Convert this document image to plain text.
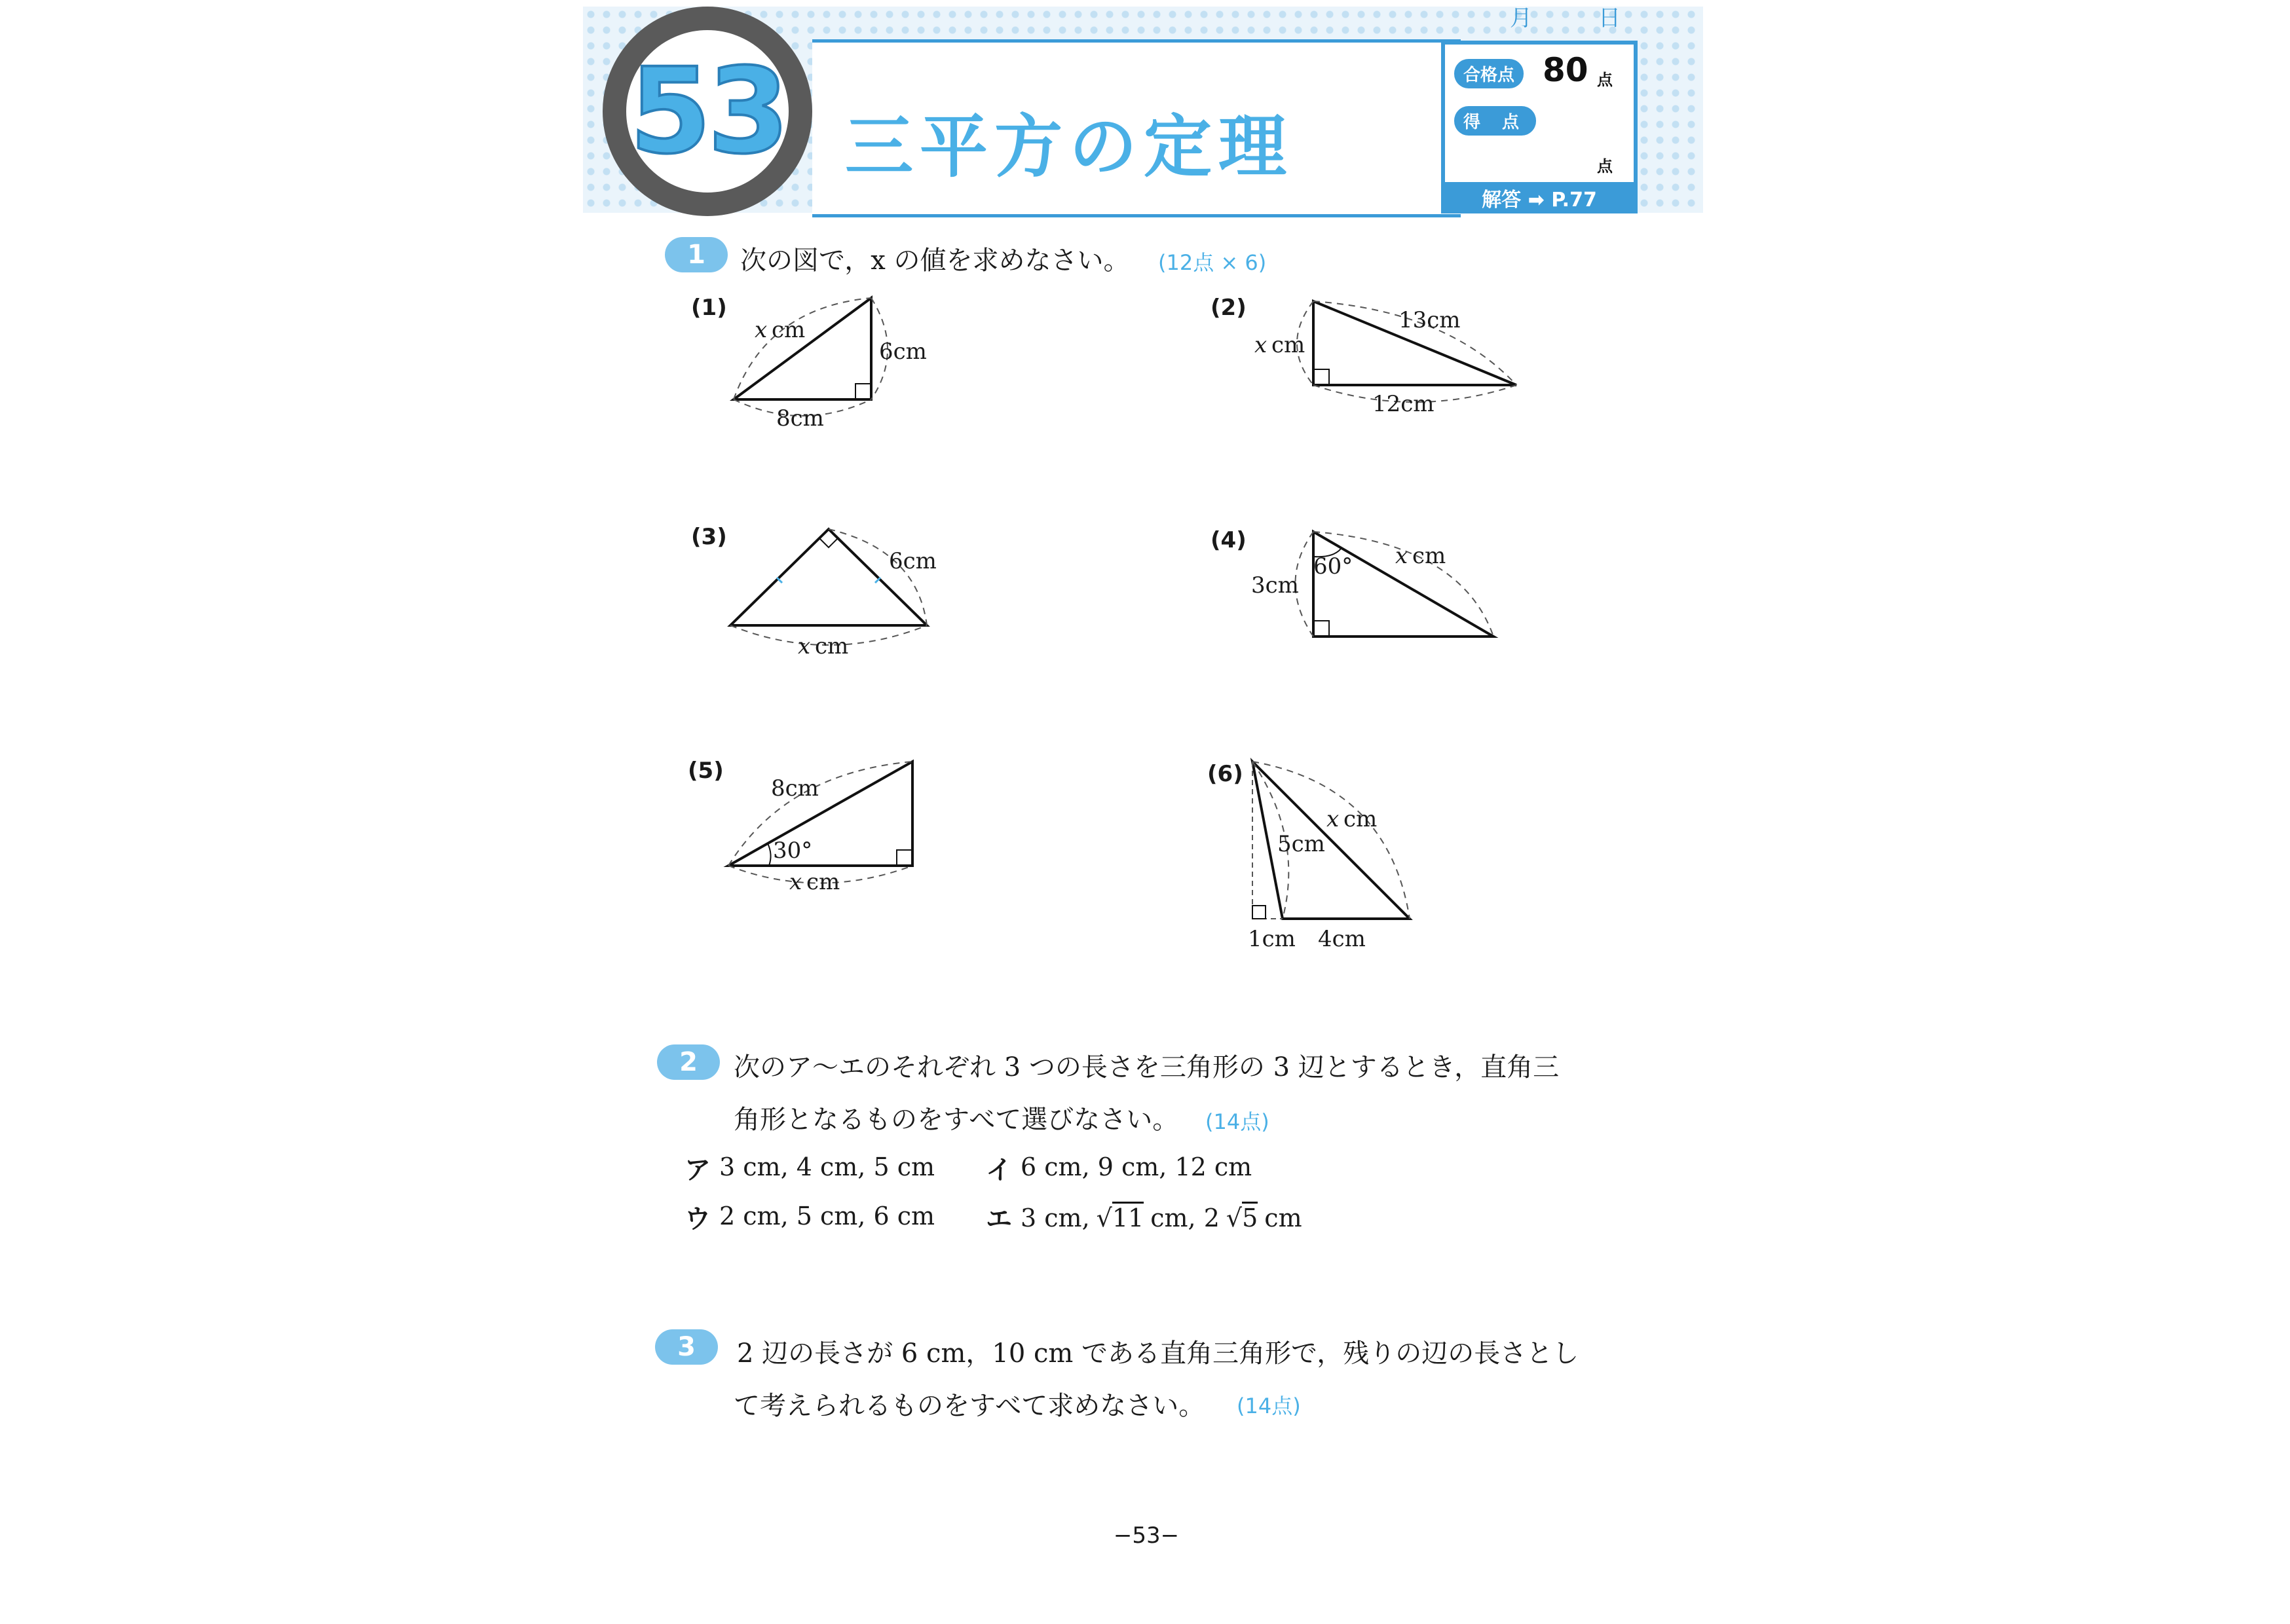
53 三平方の定理
月	日
合格点 80 点
得 点
点
解答 ➡ P.77
1	次の図で，x の値を求めなさい。 (12点 × 6)
(1)	(2)
(3)	(4)
(5)	(6)
x cm
6cm
8cm
x cm
13cm
12cm
6cm
x cm
3cm
60° x cm
8cm
30°
x cm
x cm
5cm
1cm 4cm
2	次のア～エのそれぞれ 3 つの長さを三角形の 3 辺とするとき，直角三
角形となるものをすべて選びなさい。 (14点)
ア 3 cm, 4 cm, 5 cm イ 6 cm, 9 cm, 12 cm
ウ 2 cm, 5 cm, 6 cm エ 3 cm, √ 11 cm, 2 √ 5 cm
3	2 辺の長さが 6 cm，10 cm である直角三角形で，残りの辺の長さとし
て考えられるものをすべて求めなさい。 (14点)
−53−
